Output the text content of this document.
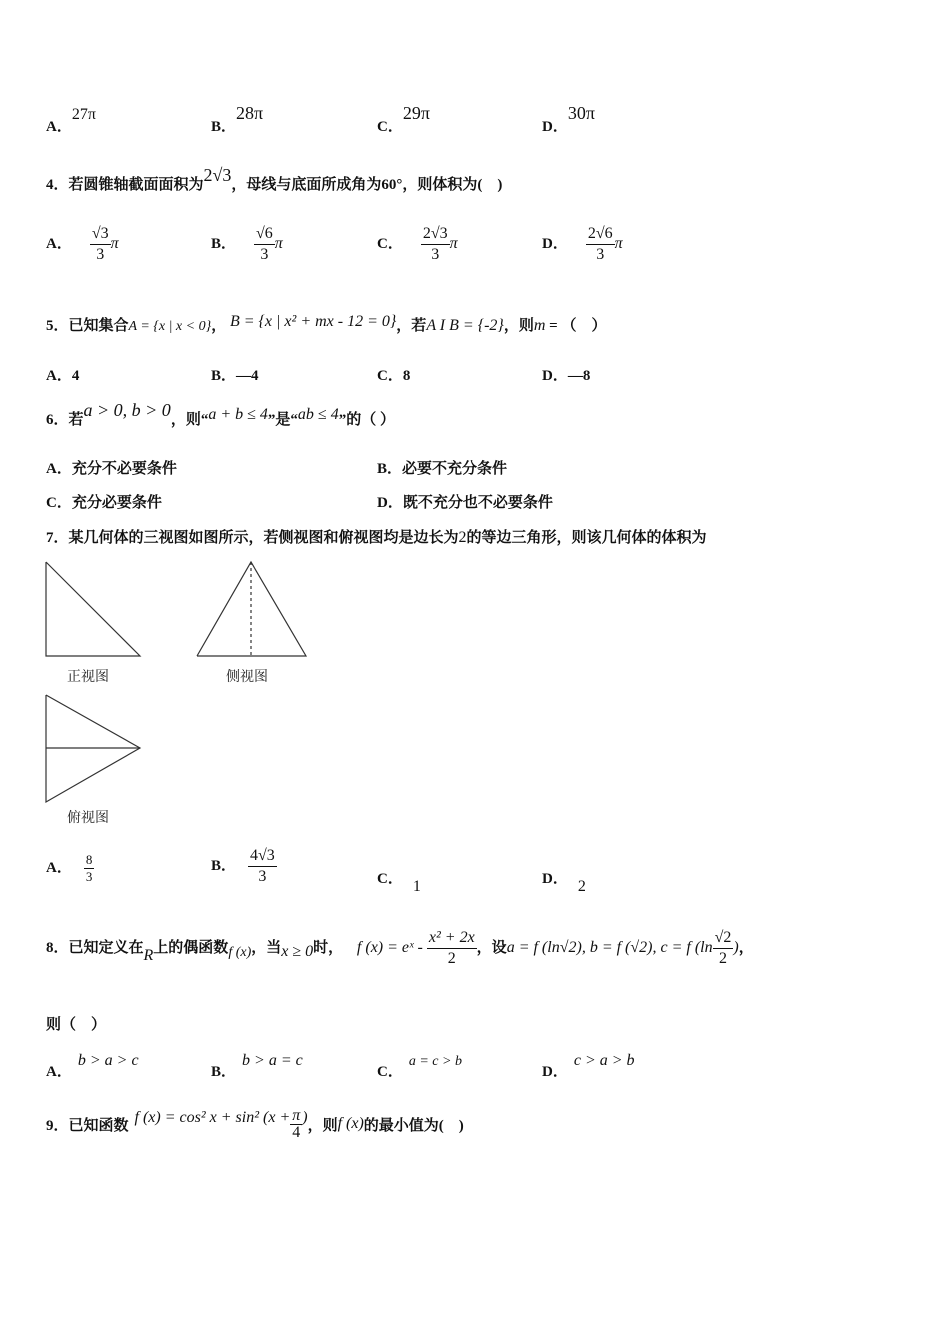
A．27π
B．28π
C．29π
D．30π
4．若圆锥轴截面面积为2√3，母线与底面所成角为60°，则体积为(　)
A． $\frac{√3}{3}$ π	B． $\frac{√6}{3}$ π	C． $\frac{2√3}{3}$ π	D． $\frac{2√6}{3}$ π
5．已知集合A = {x | x < 0}， B = {x | x² + mx - 12 = 0}，若A I B = {-2}，则m = （　）
A．4	B．—4	C．8	D．—8
6．若a > 0, b > 0，则“a + b ≤ 4”是“ab ≤ 4”的（ ）
A．充分不必要条件	B．必要不充分条件
C．充分必要条件	D．既不充分也不必要条件
7．某几何体的三视图如图所示，若侧视图和俯视图均是边长为2的等边三角形，则该几何体的体积为
正视图	侧视图
俯视图
A． $\frac{8}{3}$	B． $\frac{4√3}{3}$	C． 1	D． 2
8．已知定义在R上的偶函数f (x)，当x ≥ 0时， f (x) = eˣ - $\frac{\text{x² + 2x}}{2}$ ，设a = f (ln√2), b = f (√2), c = f ($\ln \frac{√2}{2}$ )，
则（　）
A．b > a > c
B．b > a = c
C．a = c > b
D．c > a > b
9．已知函数 f (x) = cos² x + sin² ($x + \frac{\pi}{4}$ )，则f (x)的最小值为(　)
